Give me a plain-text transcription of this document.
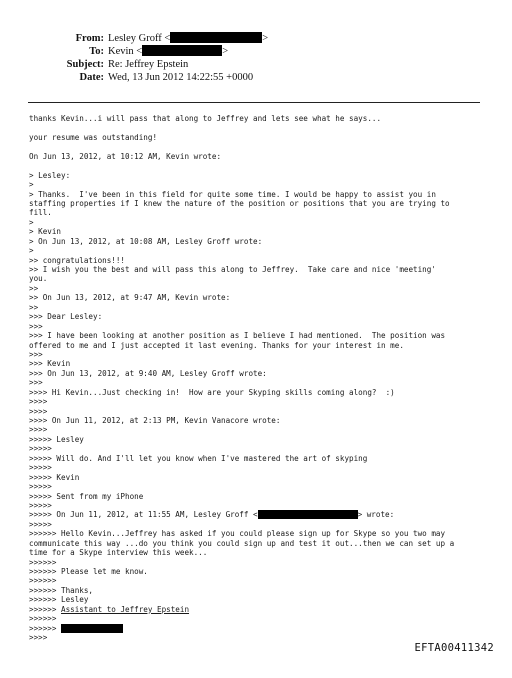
From: Lesley Groff <	>
To: Kevin <	>
Subject: Re: Jeffrey Epstein
Date: Wed, 13 Jun 2012 14:22:55 +0000
thanks Kevin...i will pass that along to Jeffrey and lets see what he says...
your resume was outstanding!
On Jun 13, 2012, at 10:12 AM, Kevin wrote:
> Lesley:
>
> Thanks.  I've been in this field for quite some time. I would be happy to assist you in
staffing properties if I knew the nature of the position or positions that you are trying to
fill.
>
> Kevin
> On Jun 13, 2012, at 10:08 AM, Lesley Groff wrote:
>
>> congratulations!!!
>> I wish you the best and will pass this along to Jeffrey.  Take care and nice 'meeting'
you.
>>
>> On Jun 13, 2012, at 9:47 AM, Kevin wrote:
>>
>>> Dear Lesley:
>>>
>>> I have been looking at another position as I believe I had mentioned.  The position was
offered to me and I just accepted it last evening. Thanks for your interest in me.
>>>
>>> Kevin
>>> On Jun 13, 2012, at 9:40 AM, Lesley Groff wrote:
>>>
>>>> Hi Kevin...Just checking in!  How are your Skyping skills coming along?  :)
>>>>
>>>>
>>>> On Jun 11, 2012, at 2:13 PM, Kevin Vanacore wrote:
>>>>
>>>>> Lesley
>>>>>
>>>>> Will do. And I'll let you know when I've mastered the art of skyping
>>>>>
>>>>> Kevin
>>>>>
>>>>> Sent from my iPhone
>>>>>
>>>>> On Jun 11, 2012, at 11:55 AM, Lesley Groff <	> wrote:
>>>>>
>>>>>> Hello Kevin...Jeffrey has asked if you could please sign up for Skype so you two may
communicate this way ...do you think you could sign up and test it out...then we can set up a
time for a Skype interview this week...
>>>>>>
>>>>>> Please let me know.
>>>>>>
>>>>>> Thanks,
>>>>>> Lesley
>>>>>> Assistant to Jeffrey Epstein
>>>>>>
>>>>>>
>>>>
EFTA00411342
